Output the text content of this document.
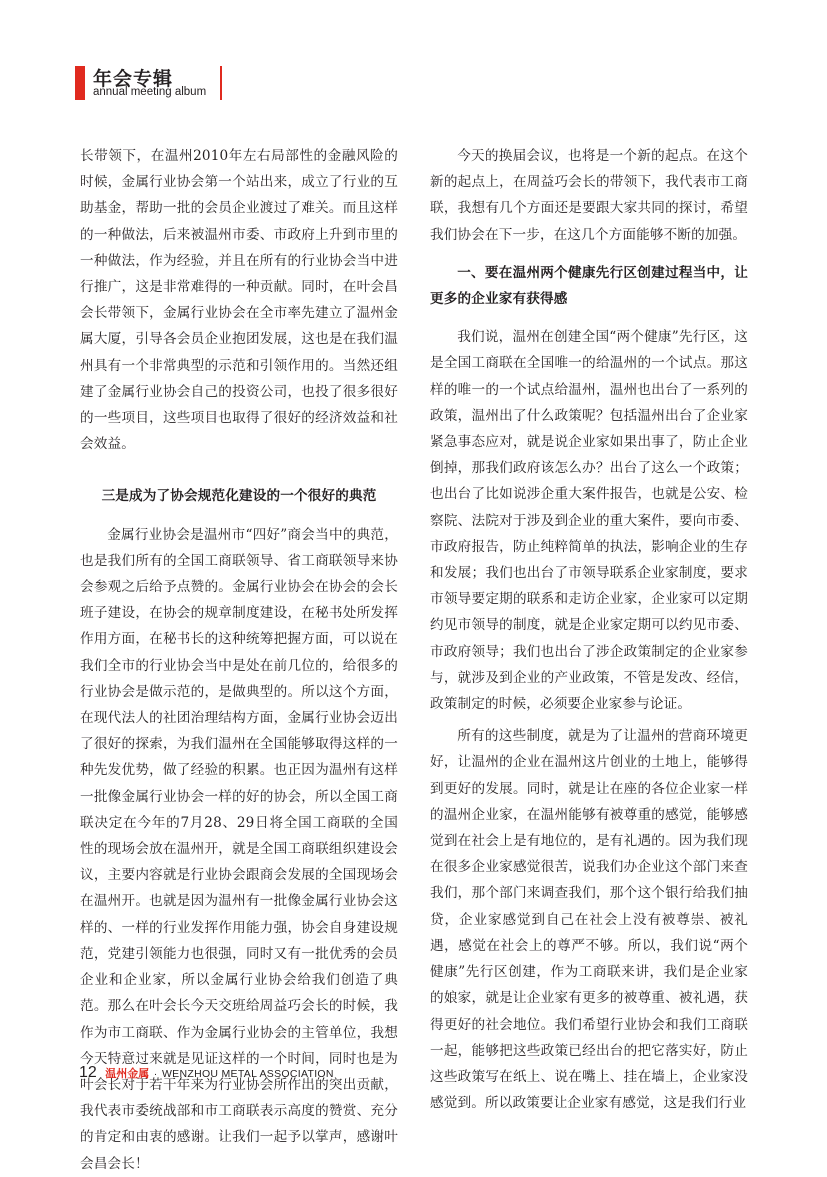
年会专辑
annual meeting album

长带领下，在温州2010年左右局部性的金融风险的时候，金属行业协会第一个站出来，成立了行业的互助基金，帮助一批的会员企业渡过了难关。而且这样的一种做法，后来被温州市委、市政府上升到市里的一种做法，作为经验，并且在所有的行业协会当中进行推广，这是非常难得的一种贡献。同时，在叶会昌会长带领下，金属行业协会在全市率先建立了温州金属大厦，引导各会员企业抱团发展，这也是在我们温州具有一个非常典型的示范和引领作用的。当然还组建了金属行业协会自己的投资公司，也投了很多很好的一些项目，这些项目也取得了很好的经济效益和社会效益。

三是成为了协会规范化建设的一个很好的典范

金属行业协会是温州市“四好”商会当中的典范，也是我们所有的全国工商联领导、省工商联领导来协会参观之后给予点赞的。金属行业协会在协会的会长班子建设，在协会的规章制度建设，在秘书处所发挥作用方面，在秘书长的这种统筹把握方面，可以说在我们全市的行业协会当中是处在前几位的，给很多的行业协会是做示范的，是做典型的。所以这个方面，在现代法人的社团治理结构方面，金属行业协会迈出了很好的探索，为我们温州在全国能够取得这样的一种先发优势，做了经验的积累。也正因为温州有这样一批像金属行业协会一样的好的协会，所以全国工商联决定在今年的7月28、29日将全国工商联的全国性的现场会放在温州开，就是全国工商联组织建设会议，主要内容就是行业协会跟商会发展的全国现场会在温州开。也就是因为温州有一批像金属行业协会这样的、一样的行业发挥作用能力强，协会自身建设规范，党建引领能力也很强，同时又有一批优秀的会员企业和企业家，所以金属行业协会给我们创造了典范。那么在叶会长今天交班给周益巧会长的时候，我作为市工商联、作为金属行业协会的主管单位，我想今天特意过来就是见证这样的一个时间，同时也是为叶会长对于若干年来为行业协会所作出的突出贡献，我代表市委统战部和市工商联表示高度的赞赏、充分的肯定和由衷的感谢。让我们一起予以掌声，感谢叶会昌会长！

今天的换届会议，也将是一个新的起点。在这个新的起点上，在周益巧会长的带领下，我代表市工商联，我想有几个方面还是要跟大家共同的探讨，希望我们协会在下一步，在这几个方面能够不断的加强。

一、要在温州两个健康先行区创建过程当中，让更多的企业家有获得感

我们说，温州在创建全国“两个健康”先行区，这是全国工商联在全国唯一的给温州的一个试点。那这样的唯一的一个试点给温州，温州也出台了一系列的政策，温州出了什么政策呢？包括温州出台了企业家紧急事态应对，就是说企业家如果出事了，防止企业倒掉，那我们政府该怎么办？出台了这么一个政策；也出台了比如说涉企重大案件报告，也就是公安、检察院、法院对于涉及到企业的重大案件，要向市委、市政府报告，防止纯粹简单的执法，影响企业的生存和发展；我们也出台了市领导联系企业家制度，要求市领导要定期的联系和走访企业家，企业家可以定期约见市领导的制度，就是企业家定期可以约见市委、市政府领导；我们也出台了涉企政策制定的企业家参与，就涉及到企业的产业政策，不管是发改、经信，政策制定的时候，必须要企业家参与论证。

所有的这些制度，就是为了让温州的营商环境更好，让温州的企业在温州这片创业的土地上，能够得到更好的发展。同时，就是让在座的各位企业家一样的温州企业家，在温州能够有被尊重的感觉，能够感觉到在社会上是有地位的，是有礼遇的。因为我们现在很多企业家感觉很苦，说我们办企业这个部门来查我们，那个部门来调查我们，那个这个银行给我们抽贷，企业家感觉到自己在社会上没有被尊崇、被礼遇，感觉在社会上的尊严不够。所以，我们说“两个健康”先行区创建，作为工商联来讲，我们是企业家的娘家，就是让企业家有更多的被尊重、被礼遇，获得更好的社会地位。我们希望行业协会和我们工商联一起，能够把这些政策已经出台的把它落实好，防止这些政策写在纸上、说在嘴上、挂在墙上，企业家没感觉到。所以政策要让企业家有感觉，这是我们行业

12 温州金属 · WENZHOU METAL ASSOCIATION
